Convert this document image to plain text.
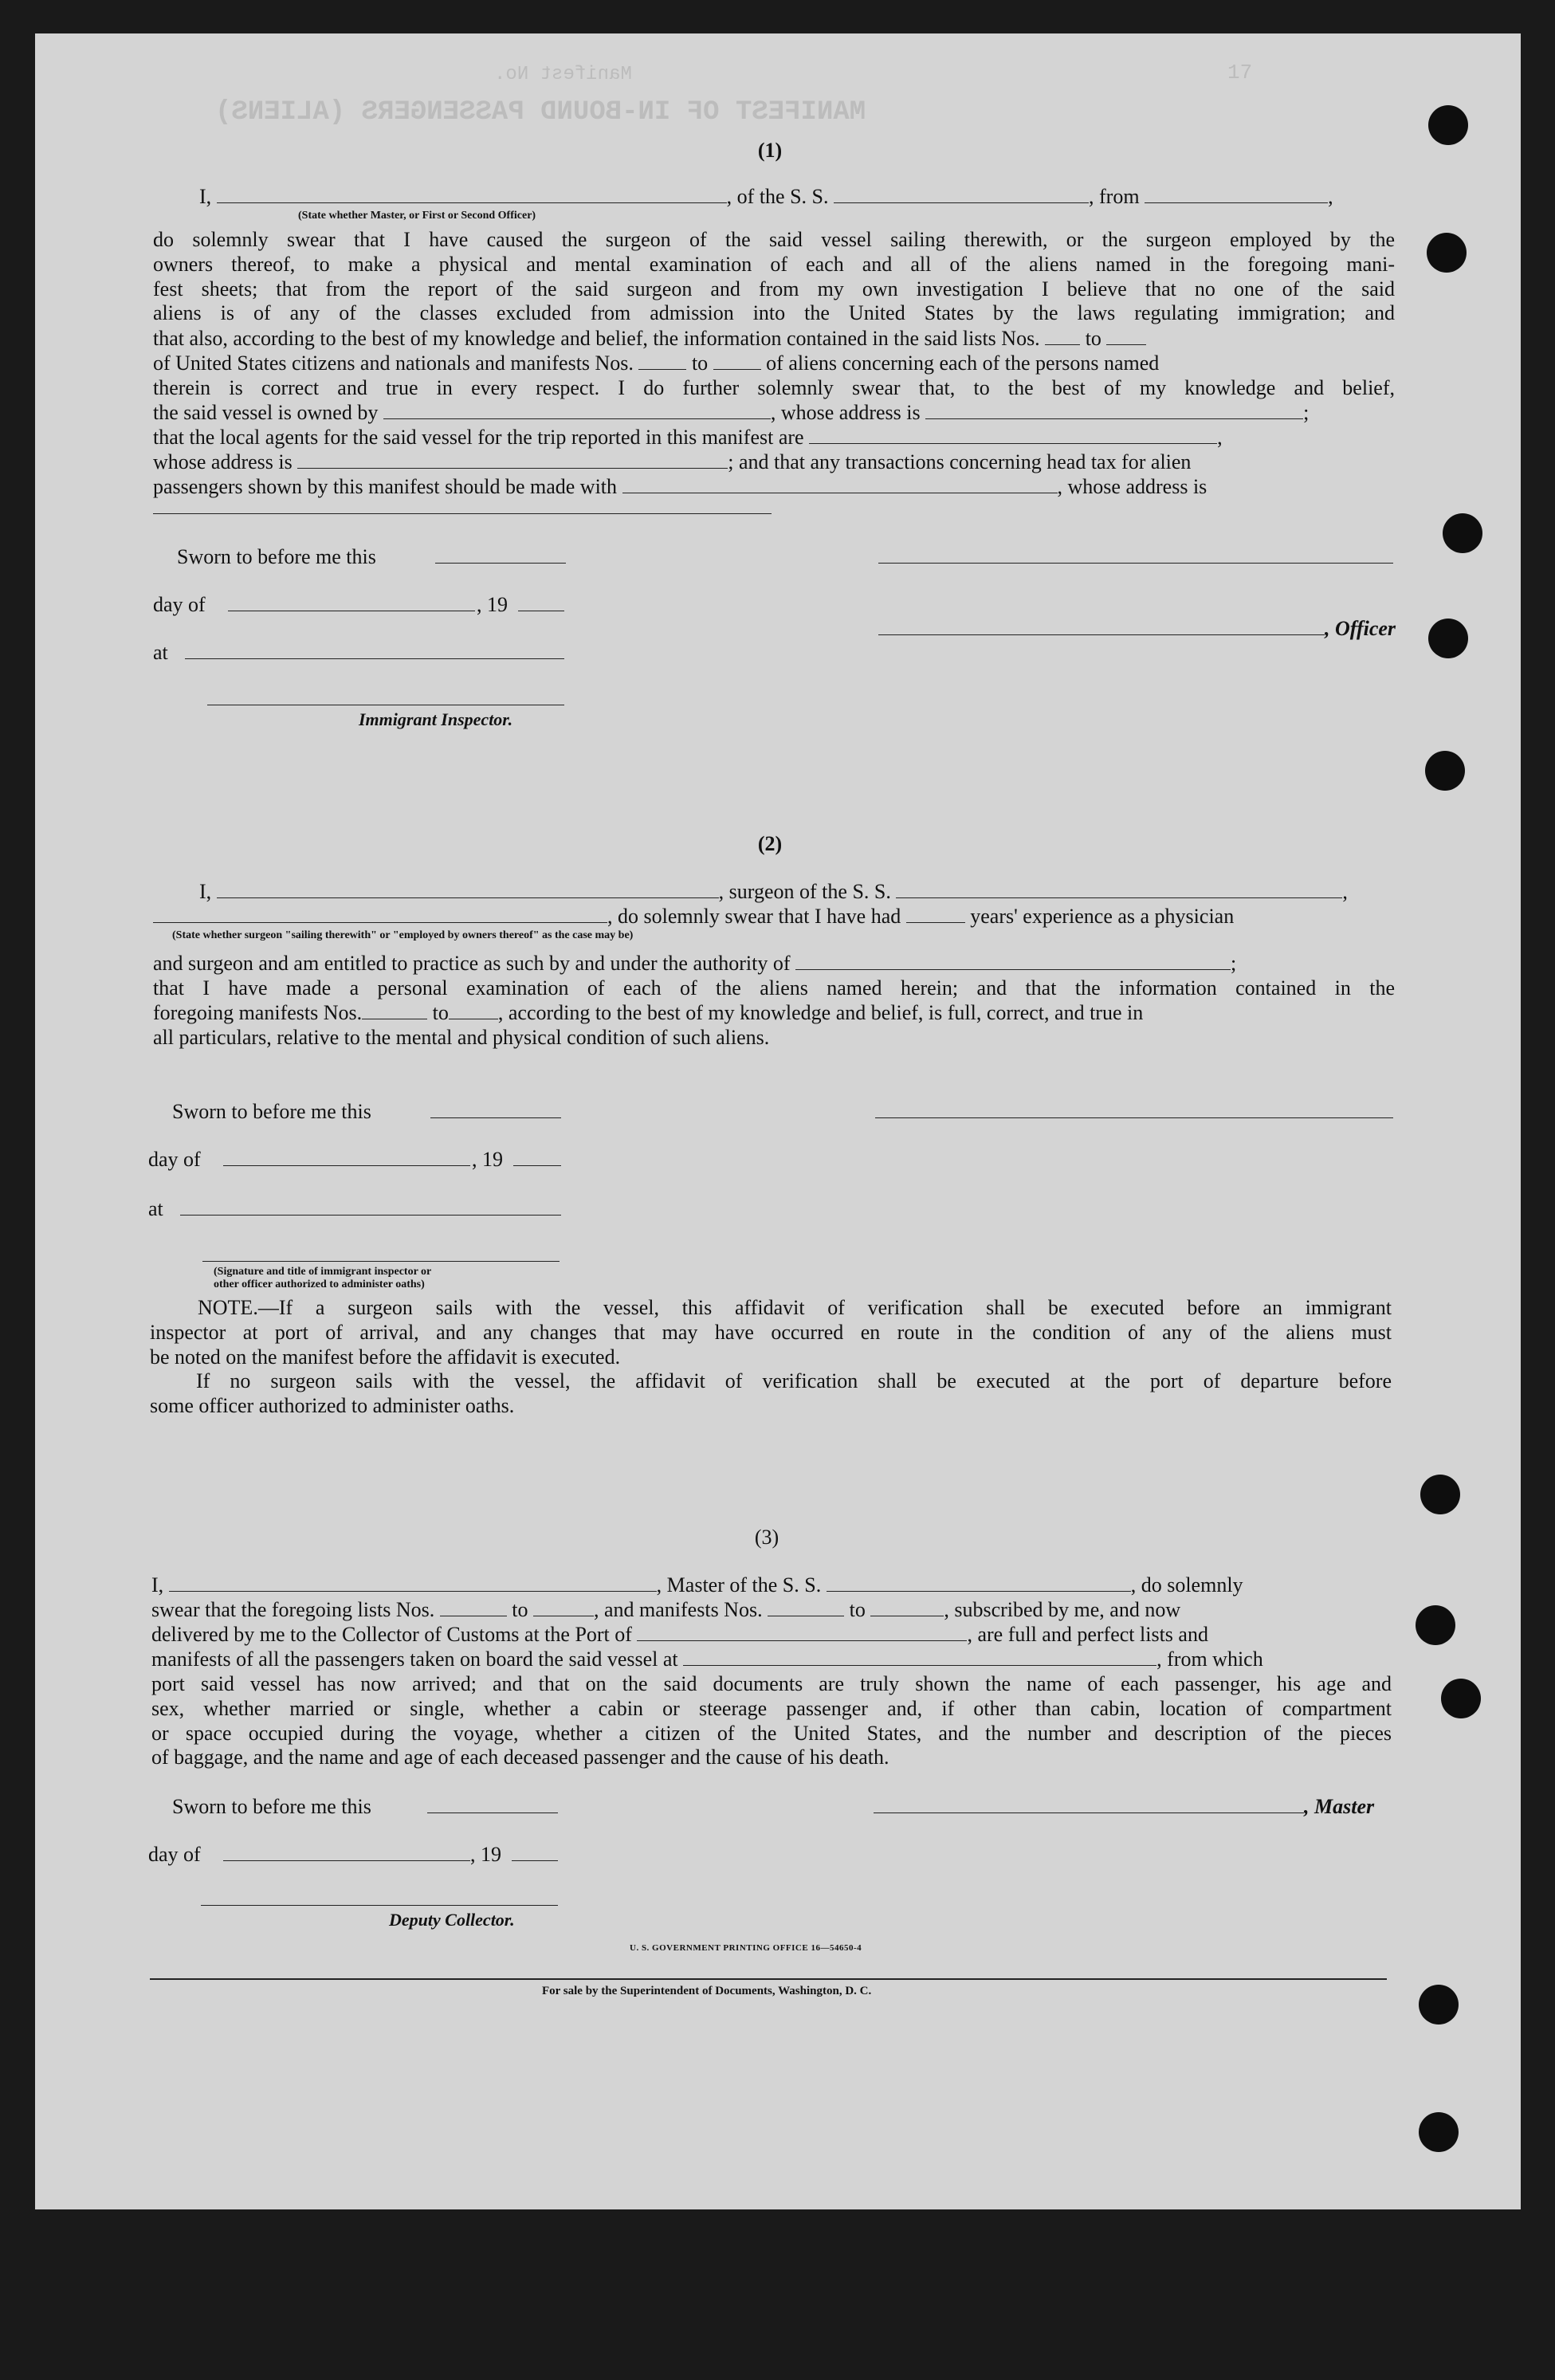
MANIFEST OF IN-BOUND PASSENGERS (ALIENS)
Manifest No.	17
(1)
I,	, of the S. S.	, from	,
(State whether Master, or First or Second Officer)
do solemnly swear that I have caused the surgeon of the said vessel sailing therewith, or the surgeon employed by the
owners thereof, to make a physical and mental examination of each and all of the aliens named in the foregoing mani-
fest sheets; that from the report of the said surgeon and from my own investigation I believe that no one of the said
aliens is of any of the classes excluded from admission into the United States by the laws regulating immigration; and
that also, according to the best of my knowledge and belief, the information contained in the said lists Nos. to
of United States citizens and nationals and manifests Nos.	to	of aliens concerning each of the persons named
therein is correct and true in every respect. I do further solemnly swear that, to the best of my knowledge and belief,
the said vessel is owned by	, whose address is	;
that the local agents for the said vessel for the trip reported in this manifest are	,
whose address is	; and that any transactions concerning head tax for alien
passengers shown by this manifest should be made with	, whose address is
Sworn to before me this
day of	, 19
at
, Officer
Immigrant Inspector.
(2)
I,	, surgeon of the S. S.	,
, do solemnly swear that I have had	years' experience as a physician
(State whether surgeon "sailing therewith" or "employed by owners thereof" as the case may be)
and surgeon and am entitled to practice as such by and under the authority of	;
that I have made a personal examination of each of the aliens named herein; and that the information contained in the
foregoing manifests Nos.	to , according to the best of my knowledge and belief, is full, correct, and true in
all particulars, relative to the mental and physical condition of such aliens.
Sworn to before me this
day of	, 19
at
(Signature and title of immigrant inspector or
other officer authorized to administer oaths)
NOTE.—If a surgeon sails with the vessel, this affidavit of verification shall be executed before an immigrant
inspector at port of arrival, and any changes that may have occurred en route in the condition of any of the aliens must
be noted on the manifest before the affidavit is executed.
If no surgeon sails with the vessel, the affidavit of verification shall be executed at the port of departure before
some officer authorized to administer oaths.
(3)
I,	, Master of the S. S.	, do solemnly
swear that the foregoing lists Nos.	to	, and manifests Nos.	to	, subscribed by me, and now
delivered by me to the Collector of Customs at the Port of	, are full and perfect lists and
manifests of all the passengers taken on board the said vessel at	, from which
port said vessel has now arrived; and that on the said documents are truly shown the name of each passenger, his age and
sex, whether married or single, whether a cabin or steerage passenger and, if other than cabin, location of compartment
or space occupied during the voyage, whether a citizen of the United States, and the number and description of the pieces
of baggage, and the name and age of each deceased passenger and the cause of his death.
Sworn to before me this	, Master
day of	, 19
Deputy Collector.
U. S. GOVERNMENT PRINTING OFFICE 16—54650-4
For sale by the Superintendent of Documents, Washington, D. C.
